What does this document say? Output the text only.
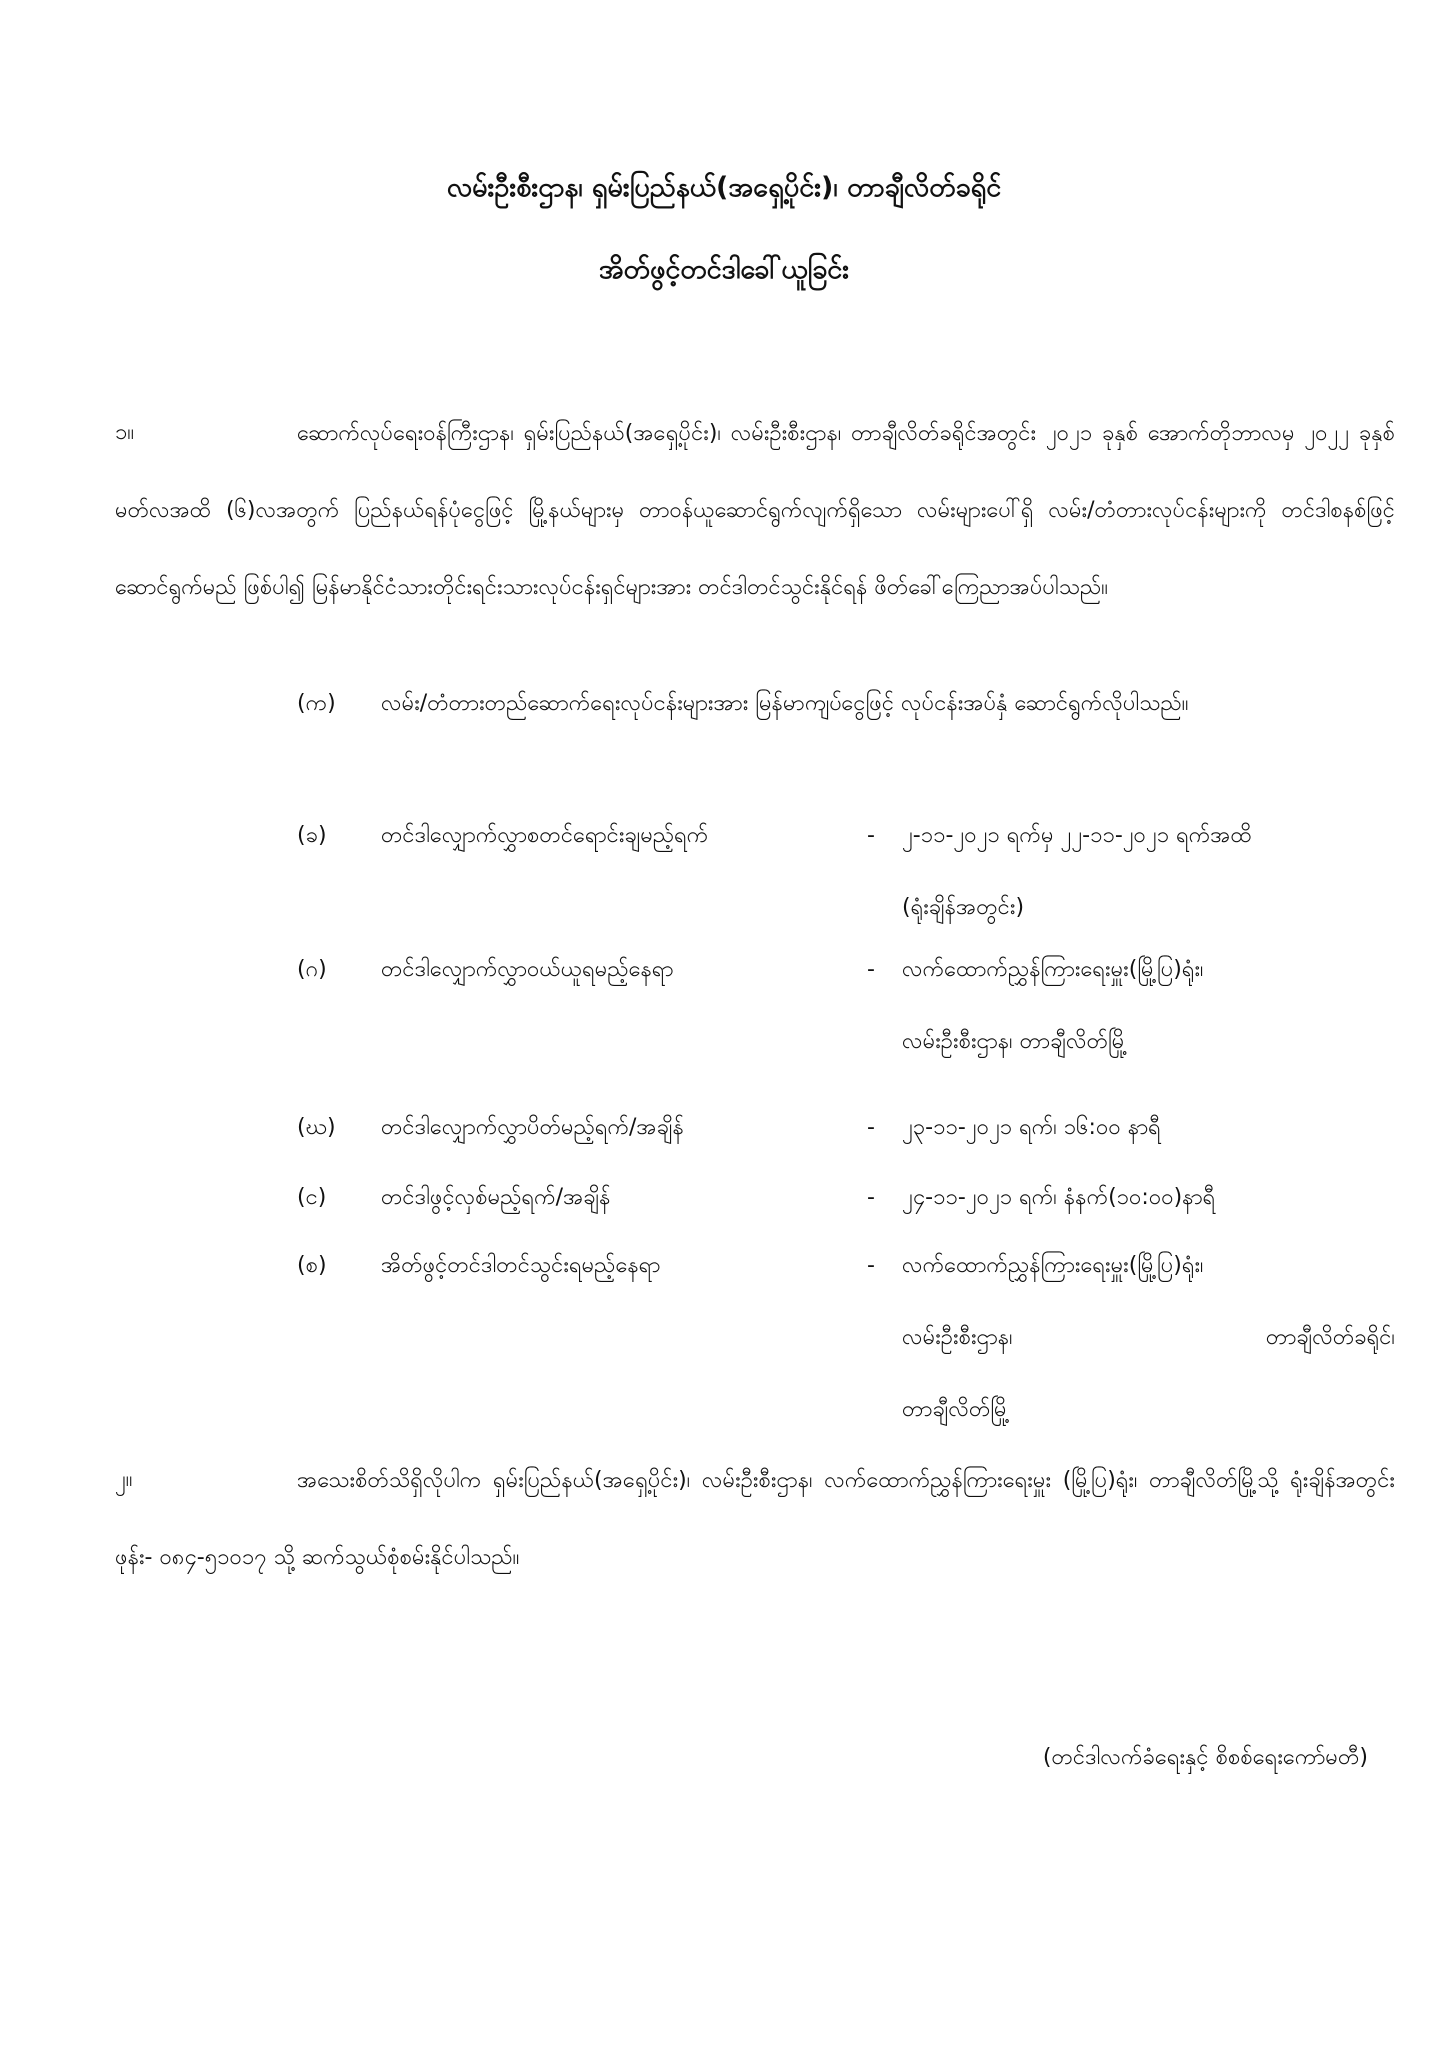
လမ်းဦးစီးဌာန၊ ရှမ်းပြည်နယ်(အရှေ့ပိုင်း)၊ တာချီလိတ်ခရိုင်
အိတ်ဖွင့်တင်ဒါခေါ်ယူခြင်း
၁။	ဆောက်လုပ်ရေးဝန်ကြီးဌာန၊ ရှမ်းပြည်နယ်(အရှေ့ပိုင်း)၊ လမ်းဦးစီးဌာန၊ တာချီလိတ်ခရိုင်အတွင်း ၂၀၂၁ ခုနှစ် အောက်တိုဘာလမှ ၂၀၂၂ ခုနှစ် မတ်လအထိ (၆)လအတွက် ပြည်နယ်ရန်ပုံငွေဖြင့် မြို့နယ်များမှ တာဝန်ယူဆောင်ရွက်လျက်ရှိသော လမ်းများပေါ်ရှိ လမ်း/တံတားလုပ်ငန်းများကို တင်ဒါစနစ်ဖြင့်ဆောင်ရွက်မည် ဖြစ်ပါ၍ မြန်မာနိုင်ငံသားတိုင်းရင်းသားလုပ်ငန်းရှင်များအား တင်ဒါတင်သွင်းနိုင်ရန် ဖိတ်ခေါ်ကြေညာအပ်ပါသည်။
(က) လမ်း/တံတားတည်ဆောက်ရေးလုပ်ငန်းများအား မြန်မာကျပ်ငွေဖြင့် လုပ်ငန်းအပ်နှံ ဆောင်ရွက်လိုပါသည်။
(ခ) တင်ဒါလျှောက်လွှာစတင်ရောင်းချမည့်ရက်	- ၂-၁၁-၂၀၂၁ ရက်မှ ၂၂-၁၁-၂၀၂၁ ရက်အထိ
(ရုံးချိန်အတွင်း)
(ဂ) တင်ဒါလျှောက်လွှာဝယ်ယူရမည့်နေရာ	- လက်ထောက်ညွှန်ကြားရေးမှူး(မြို့ပြ)ရုံး၊
လမ်းဦးစီးဌာန၊ တာချီလိတ်မြို့
(ဃ) တင်ဒါလျှောက်လွှာပိတ်မည့်ရက်/အချိန်	- ၂၃-၁၁-၂၀၂၁ ရက်၊ ၁၆:၀၀ နာရီ
(င) တင်ဒါဖွင့်လှစ်မည့်ရက်/အချိန်	- ၂၄-၁၁-၂၀၂၁ ရက်၊ နံနက်(၁၀:၀၀)နာရီ
(စ) အိတ်ဖွင့်တင်ဒါတင်သွင်းရမည့်နေရာ	- လက်ထောက်ညွှန်ကြားရေးမှူး(မြို့ပြ)ရုံး၊
လမ်းဦးစီးဌာန၊ တာချီလိတ်ခရိုင်၊
တာချီလိတ်မြို့
၂။	အသေးစိတ်သိရှိလိုပါက ရှမ်းပြည်နယ်(အရှေ့ပိုင်း)၊ လမ်းဦးစီးဌာန၊ လက်ထောက်ညွှန်ကြားရေးမှူး (မြို့ပြ)ရုံး၊ တာချီလိတ်မြို့သို့ ရုံးချိန်အတွင်း ဖုန်း- ၀၈၄-၅၁၀၁၇ သို့ ဆက်သွယ်စုံစမ်းနိုင်ပါသည်။
(တင်ဒါလက်ခံရေးနှင့် စိစစ်ရေးကော်မတီ)
